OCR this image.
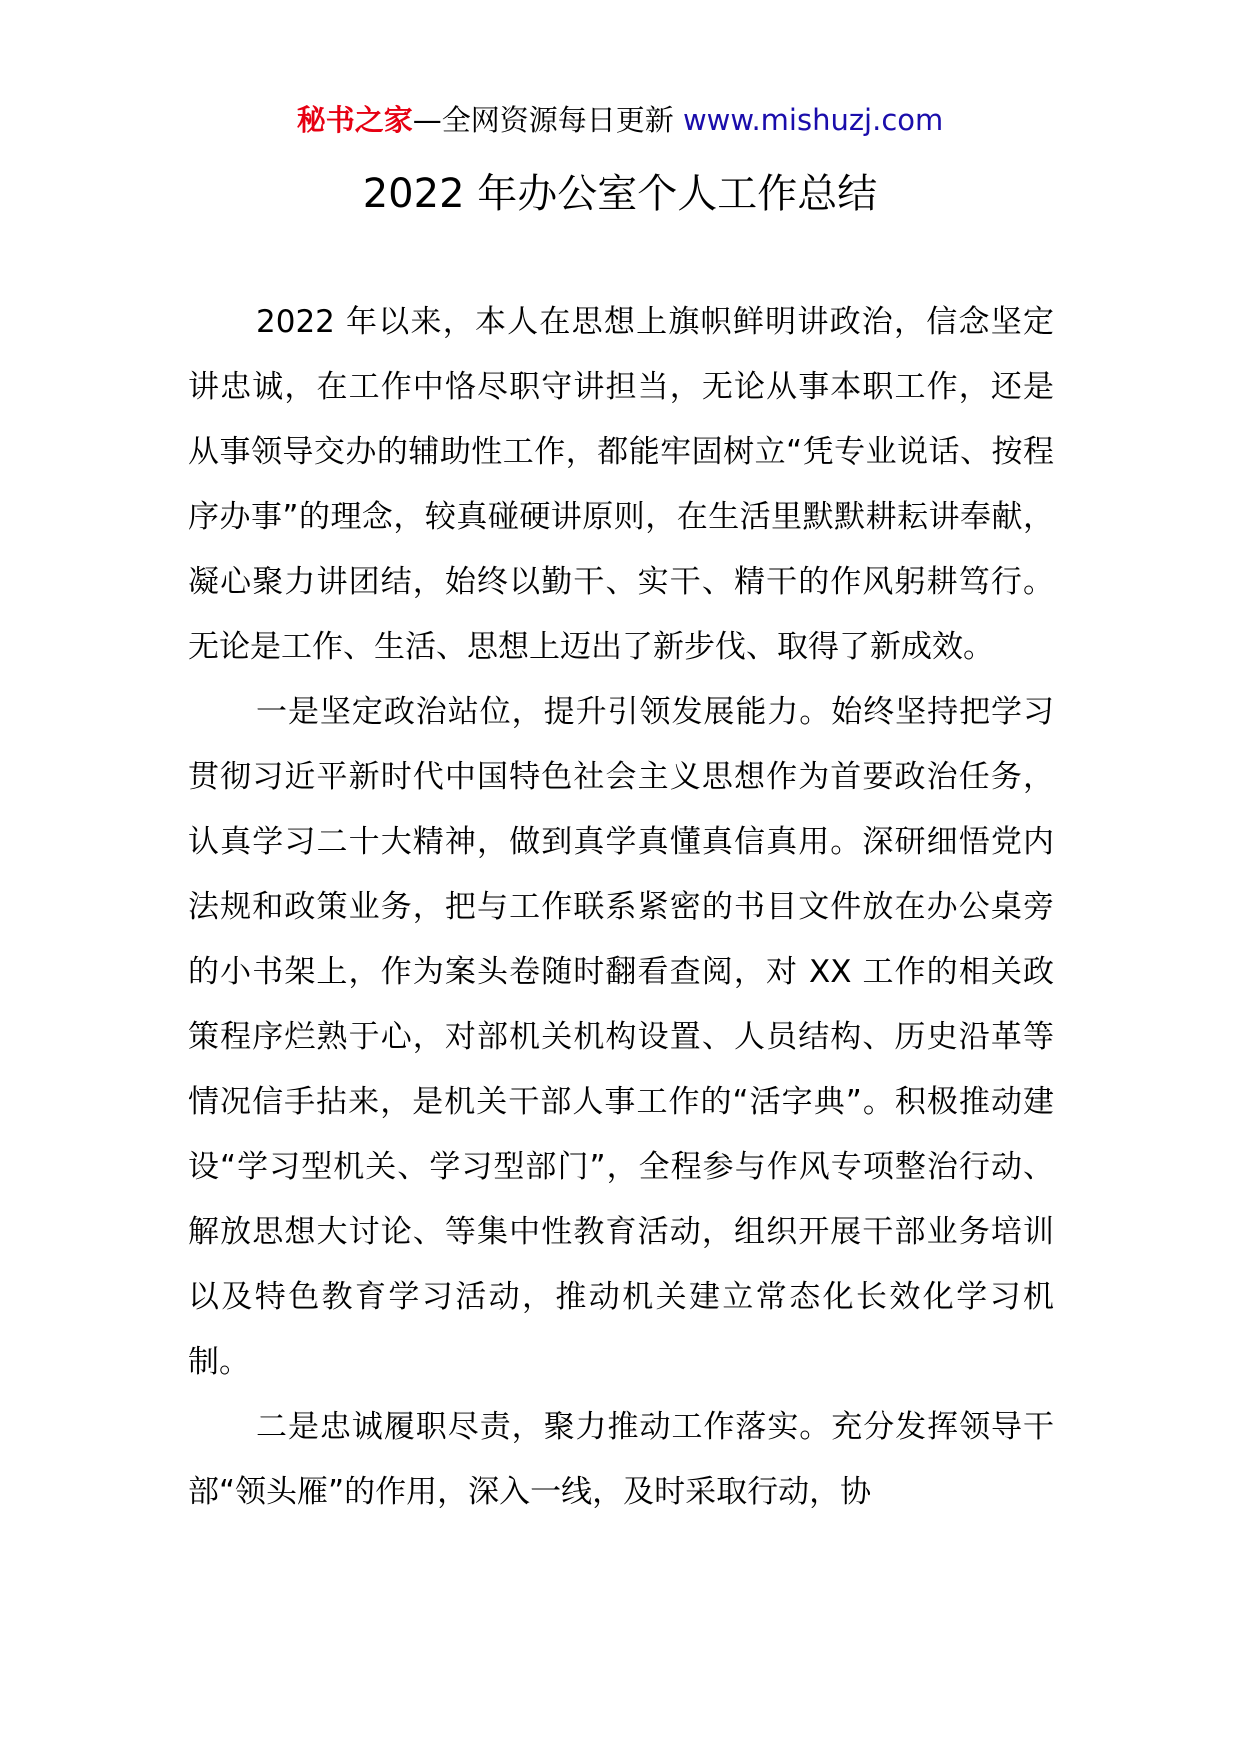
秘书之家—全网资源每日更新 www.mishuzj.com
2022 年办公室个人工作总结

2022 年以来，本人在思想上旗帜鲜明讲政治，信念坚定讲忠诚，在工作中恪尽职守讲担当，无论从事本职工作，还是从事领导交办的辅助性工作，都能牢固树立“凭专业说话、按程序办事”的理念，较真碰硬讲原则，在生活里默默耕耘讲奉献，凝心聚力讲团结，始终以勤干、实干、精干的作风躬耕笃行。无论是工作、生活、思想上迈出了新步伐、取得了新成效。

一是坚定政治站位，提升引领发展能力。始终坚持把学习贯彻习近平新时代中国特色社会主义思想作为首要政治任务，认真学习二十大精神，做到真学真懂真信真用。深研细悟党内法规和政策业务，把与工作联系紧密的书目文件放在办公桌旁的小书架上，作为案头卷随时翻看查阅，对 XX 工作的相关政策程序烂熟于心，对部机关机构设置、人员结构、历史沿革等情况信手拈来，是机关干部人事工作的“活字典”。积极推动建设“学习型机关、学习型部门”，全程参与作风专项整治行动、解放思想大讨论、等集中性教育活动，组织开展干部业务培训以及特色教育学习活动，推动机关建立常态化长效化学习机制。

二是忠诚履职尽责，聚力推动工作落实。充分发挥领导干部“领头雁”的作用，深入一线，及时采取行动，协
